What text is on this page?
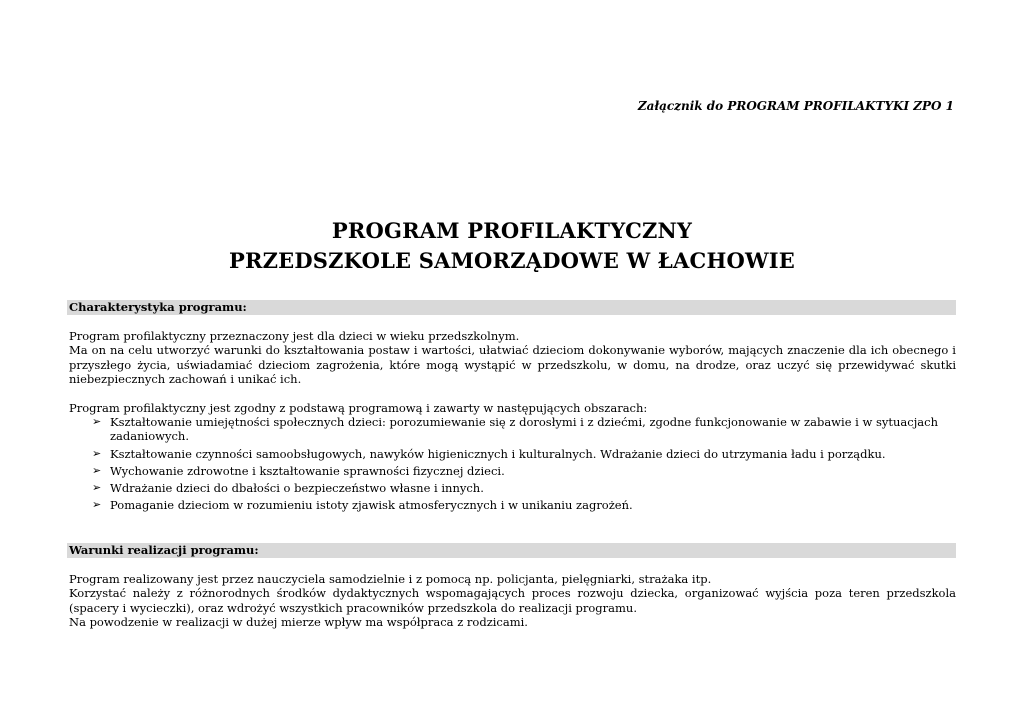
Załącznik do PROGRAM PROFILAKTYKI ZPO 1
PROGRAM PROFILAKTYCZNY
PRZEDSZKOLE SAMORZĄDOWE W ŁACHOWIE
Charakterystyka programu:

Program profilaktyczny przeznaczony jest dla dzieci w wieku przedszkolnym.

Ma on na celu utworzyć warunki do kształtowania postaw i wartości, ułatwiać dzieciom dokonywanie wyborów, mających znaczenie dla ich obecnego i przyszłego życia, uświadamiać dzieciom zagrożenia, które mogą wystąpić w przedszkolu, w domu, na drodze, oraz uczyć się przewidywać skutki niebezpiecznych zachowań i unikać ich.

Program profilaktyczny jest zgodny z podstawą programową i zawarty w następujących obszarach:

➢ Kształtowanie umiejętności społecznych dzieci: porozumiewanie się z dorosłymi i z dziećmi, zgodne funkcjonowanie w zabawie i w sytuacjach zadaniowych.
➢ Kształtowanie czynności samoobsługowych, nawyków higienicznych i kulturalnych. Wdrażanie dzieci do utrzymania ładu i porządku.
➢ Wychowanie zdrowotne i kształtowanie sprawności fizycznej dzieci.
➢ Wdrażanie dzieci do dbałości o bezpieczeństwo własne i innych.
➢ Pomaganie dzieciom w rozumieniu istoty zjawisk atmosferycznych i w unikaniu zagrożeń.
Warunki realizacji programu:

Program realizowany jest przez nauczyciela samodzielnie i z pomocą np. policjanta, pielęgniarki, strażaka itp.

Korzystać należy z różnorodnych środków dydaktycznych wspomagających proces rozwoju dziecka, organizować wyjścia poza teren przedszkola (spacery i wycieczki), oraz wdrożyć wszystkich pracowników przedszkola do realizacji programu.

Na powodzenie w realizacji w dużej mierze wpływ ma współpraca z rodzicami.
